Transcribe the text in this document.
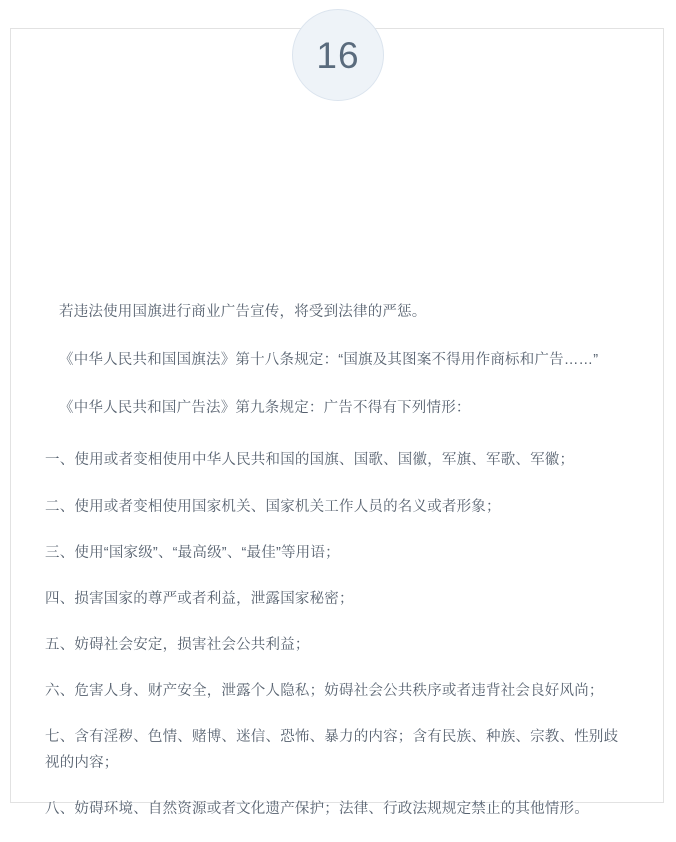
若违法使用国旗进行商业广告宣传，将受到法律的严惩。

《中华人民共和国国旗法》第十八条规定：“国旗及其图案不得用作商标和广告……”

《中华人民共和国广告法》第九条规定：广告不得有下列情形：

一、使用或者变相使用中华人民共和国的国旗、国歌、国徽，军旗、军歌、军徽；
二、使用或者变相使用国家机关、国家机关工作人员的名义或者形象；
三、使用“国家级”、“最高级”、“最佳”等用语；
四、损害国家的尊严或者利益，泄露国家秘密；
五、妨碍社会安定，损害社会公共利益；
六、危害人身、财产安全，泄露个人隐私；妨碍社会公共秩序或者违背社会良好风尚；
七、含有淫秽、色情、赌博、迷信、恐怖、暴力的内容；含有民族、种族、宗教、性别歧视的内容；
八、妨碍环境、自然资源或者文化遗产保护；法律、行政法规规定禁止的其他情形。
16
